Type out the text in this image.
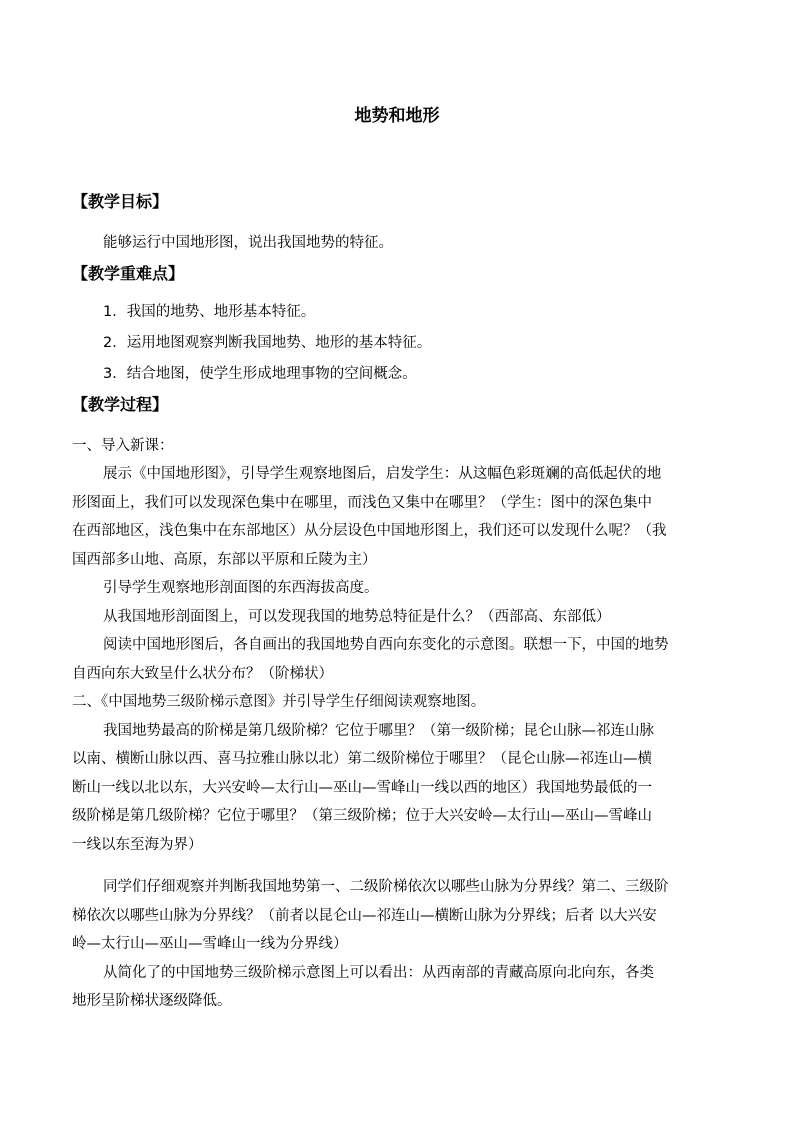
地势和地形
【教学目标】
能够运行中国地形图，说出我国地势的特征。
【教学重难点】
1．我国的地势、地形基本特征。
2．运用地图观察判断我国地势、地形的基本特征。
3．结合地图，使学生形成地理事物的空间概念。
【教学过程】
一、导入新课：
展示《中国地形图》，引导学生观察地图后，启发学生：从这幅色彩斑斓的高低起伏的地
形图面上，我们可以发现深色集中在哪里，而浅色又集中在哪里？（学生：图中的深色集中
在西部地区，浅色集中在东部地区）从分层设色中国地形图上，我们还可以发现什么呢？（我
国西部多山地、高原，东部以平原和丘陵为主）
引导学生观察地形剖面图的东西海拔高度。
从我国地形剖面图上，可以发现我国的地势总特征是什么？（西部高、东部低）
阅读中国地形图后，各自画出的我国地势自西向东变化的示意图。联想一下，中国的地势
自西向东大致呈什么状分布？（阶梯状）
二、《中国地势三级阶梯示意图》并引导学生仔细阅读观察地图。
我国地势最高的阶梯是第几级阶梯？它位于哪里？（第一级阶梯；昆仑山脉—祁连山脉
以南、横断山脉以西、喜马拉雅山脉以北）第二级阶梯位于哪里？（昆仑山脉—祁连山—横
断山一线以北以东，大兴安岭—太行山—巫山—雪峰山一线以西的地区）我国地势最低的一
级阶梯是第几级阶梯？它位于哪里？（第三级阶梯；位于大兴安岭—太行山—巫山—雪峰山
一线以东至海为界）
同学们仔细观察并判断我国地势第一、二级阶梯依次以哪些山脉为分界线？第二、三级阶
梯依次以哪些山脉为分界线？（前者以昆仑山—祁连山—横断山脉为分界线；后者 以大兴安
岭—太行山—巫山—雪峰山一线为分界线）
从简化了的中国地势三级阶梯示意图上可以看出：从西南部的青藏高原向北向东，各类
地形呈阶梯状逐级降低。
